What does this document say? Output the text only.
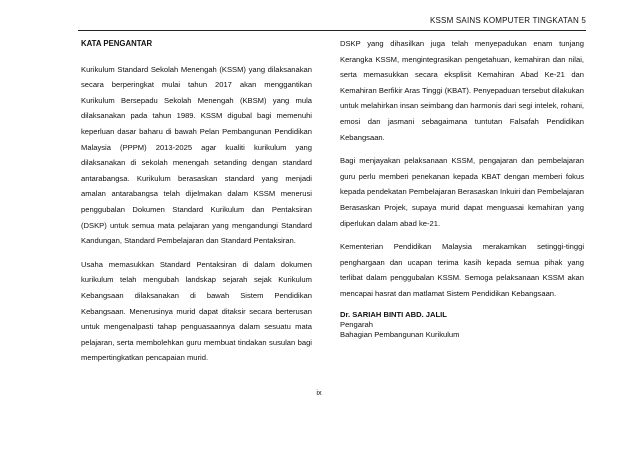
KSSM SAINS KOMPUTER TINGKATAN 5
KATA PENGANTAR

Kurikulum Standard Sekolah Menengah (KSSM) yang dilaksanakan secara berperingkat mulai tahun 2017 akan menggantikan Kurikulum Bersepadu Sekolah Menengah (KBSM) yang mula dilaksanakan pada tahun 1989. KSSM digubal bagi memenuhi keperluan dasar baharu di bawah Pelan Pembangunan Pendidikan Malaysia (PPPM) 2013-2025 agar kualiti kurikulum yang dilaksanakan di sekolah menengah setanding dengan standard antarabangsa. Kurikulum berasaskan standard yang menjadi amalan antarabangsa telah dijelmakan dalam KSSM menerusi penggubalan Dokumen Standard Kurikulum dan Pentaksiran (DSKP) untuk semua mata pelajaran yang mengandungi Standard Kandungan, Standard Pembelajaran dan Standard Pentaksiran.

Usaha memasukkan Standard Pentaksiran di dalam dokumen kurikulum telah mengubah landskap sejarah sejak Kurikulum Kebangsaan dilaksanakan di bawah Sistem Pendidikan Kebangsaan. Menerusinya murid dapat ditaksir secara berterusan untuk mengenalpasti tahap penguasaannya dalam sesuatu mata pelajaran, serta membolehkan guru membuat tindakan susulan bagi mempertingkatkan pencapaian murid.

DSKP yang dihasilkan juga telah menyepadukan enam tunjang Kerangka KSSM, mengintegrasikan pengetahuan, kemahiran dan nilai, serta memasukkan secara eksplisit Kemahiran Abad Ke-21 dan Kemahiran Berfikir Aras Tinggi (KBAT). Penyepaduan tersebut dilakukan untuk melahirkan insan seimbang dan harmonis dari segi intelek, rohani, emosi dan jasmani sebagaimana tuntutan Falsafah Pendidikan Kebangsaan.

Bagi menjayakan pelaksanaan KSSM, pengajaran dan pembelajaran guru perlu memberi penekanan kepada KBAT dengan memberi fokus kepada pendekatan Pembelajaran Berasaskan Inkuiri dan Pembelajaran Berasaskan Projek, supaya murid dapat menguasai kemahiran yang diperlukan dalam abad ke-21.

Kementerian Pendidikan Malaysia merakamkan setinggi-tinggi penghargaan dan ucapan terima kasih kepada semua pihak yang terlibat dalam penggubalan KSSM. Semoga pelaksanaan KSSM akan mencapai hasrat dan matlamat Sistem Pendidikan Kebangsaan.

Dr. SARIAH BINTI ABD. JALIL
Pengarah
Bahagian Pembangunan Kurikulum
ix
